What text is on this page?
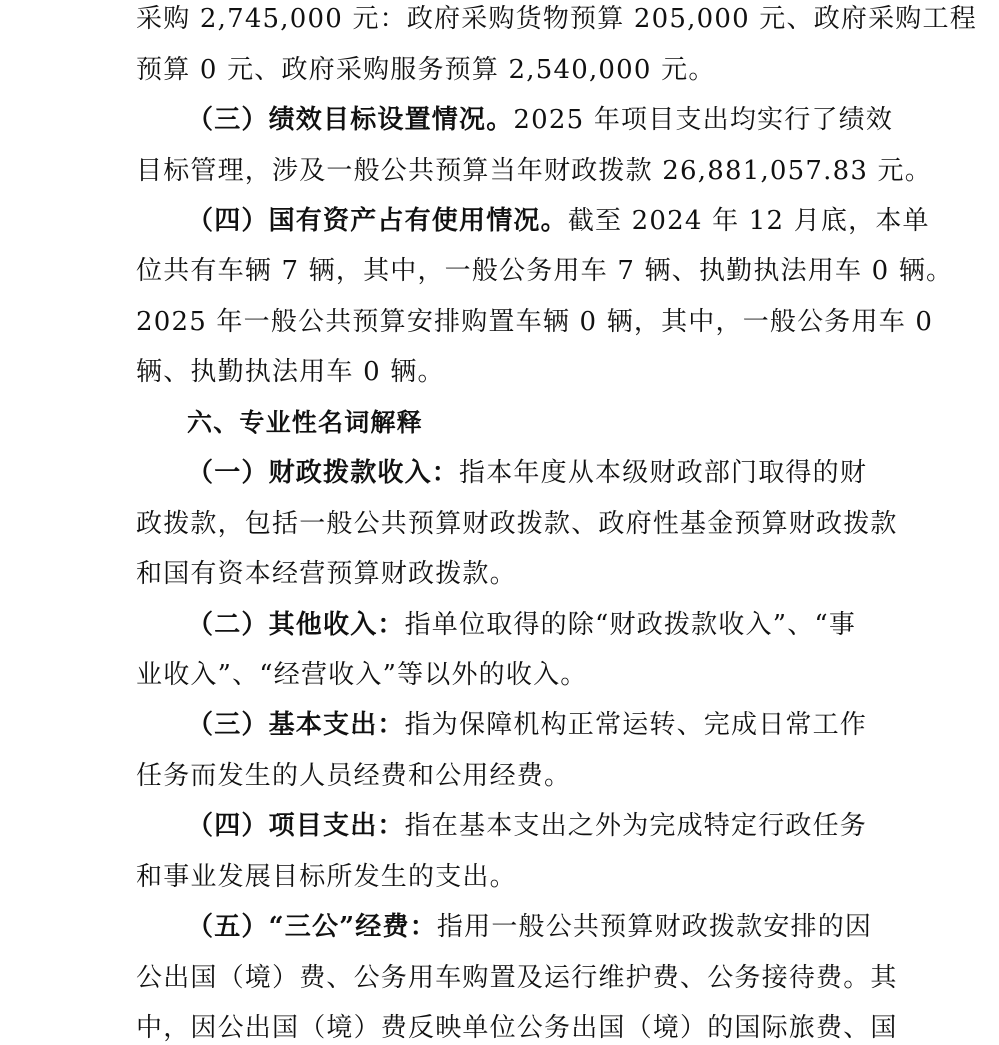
采购 2,745,000 元：政府采购货物预算 205,000 元、政府采购工程
预算 0 元、政府采购服务预算 2,540,000 元。
（三）绩效目标设置情况。2025 年项目支出均实行了绩效
目标管理，涉及一般公共预算当年财政拨款 26,881,057.83 元。
（四）国有资产占有使用情况。截至 2024 年 12 月底，本单
位共有车辆 7 辆，其中，一般公务用车 7 辆、执勤执法用车 0 辆。
2025 年一般公共预算安排购置车辆 0 辆，其中，一般公务用车 0
辆、执勤执法用车 0 辆。
六、专业性名词解释
（一）财政拨款收入：指本年度从本级财政部门取得的财
政拨款，包括一般公共预算财政拨款、政府性基金预算财政拨款
和国有资本经营预算财政拨款。
（二）其他收入：指单位取得的除“财政拨款收入”、“事
业收入”、“经营收入”等以外的收入。
（三）基本支出：指为保障机构正常运转、完成日常工作
任务而发生的人员经费和公用经费。
（四）项目支出：指在基本支出之外为完成特定行政任务
和事业发展目标所发生的支出。
（五）“三公”经费：指用一般公共预算财政拨款安排的因
公出国（境）费、公务用车购置及运行维护费、公务接待费。其
中，因公出国（境）费反映单位公务出国（境）的国际旅费、国
